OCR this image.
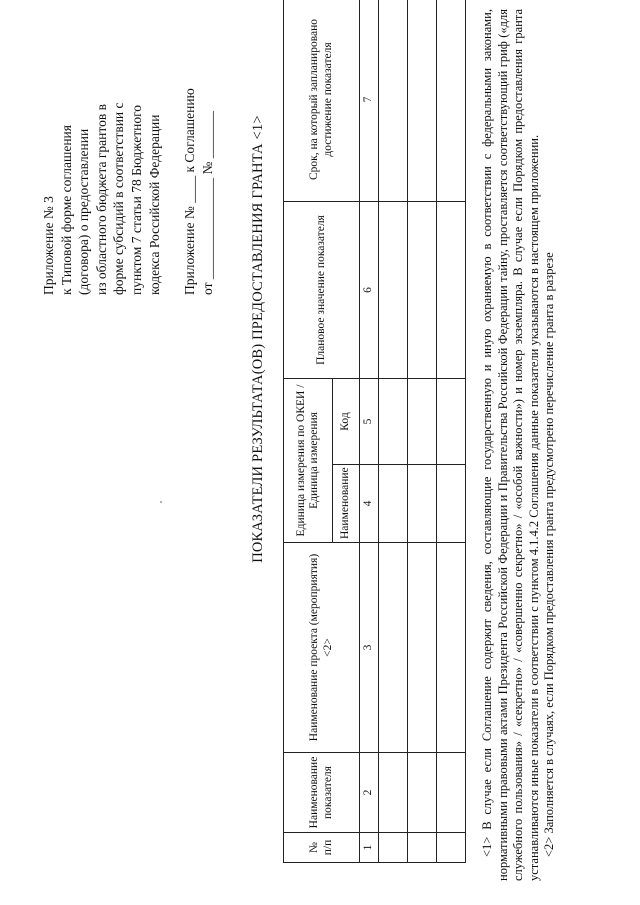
Приложение № 3 к Типовой форме соглашения (договора) о предоставлении из областного бюджета грантов в форме субсидий в соответствии с пунктом 7 статьи 78 Бюджетного кодекса Российской Федерации Приложение № ____ к Соглашению от _______________ № _______ ПОКАЗАТЕЛИ РЕЗУЛЬТАТА(ОВ) ПРЕДОСТАВЛЕНИЯ ГРАНТА <1>
№ п/п	Наименование показателя	Наименование проекта (мероприятия) <2>	Единица измерения по ОКЕИ / Единица измерения		Плановое значение показателя	Срок, на который запланировано достижение показателя
			Наименование	Код		
1	2	3	4	5	6	7

							<1> В случае если Соглашение содержит сведения, составляющие государственную и иную охраняемую в соответствии с федеральными законами, нормативными правовыми актами Президента Российской Федерации и Правительства Российской Федерации тайну, проставляется соответствующий гриф («для служебного пользования» / «секретно» / «совершенно секретно» / «особой важности») и номер экземпляра. В случае если Порядком предоставления гранта устанавливаются иные показатели в соответствии с пунктом 4.1.4.2 Соглашения данные показатели указываются в настоящем приложении. <2> Заполняется в случаях, если Порядком предоставления гранта предусмотрено перечисление гранта в разрезе
